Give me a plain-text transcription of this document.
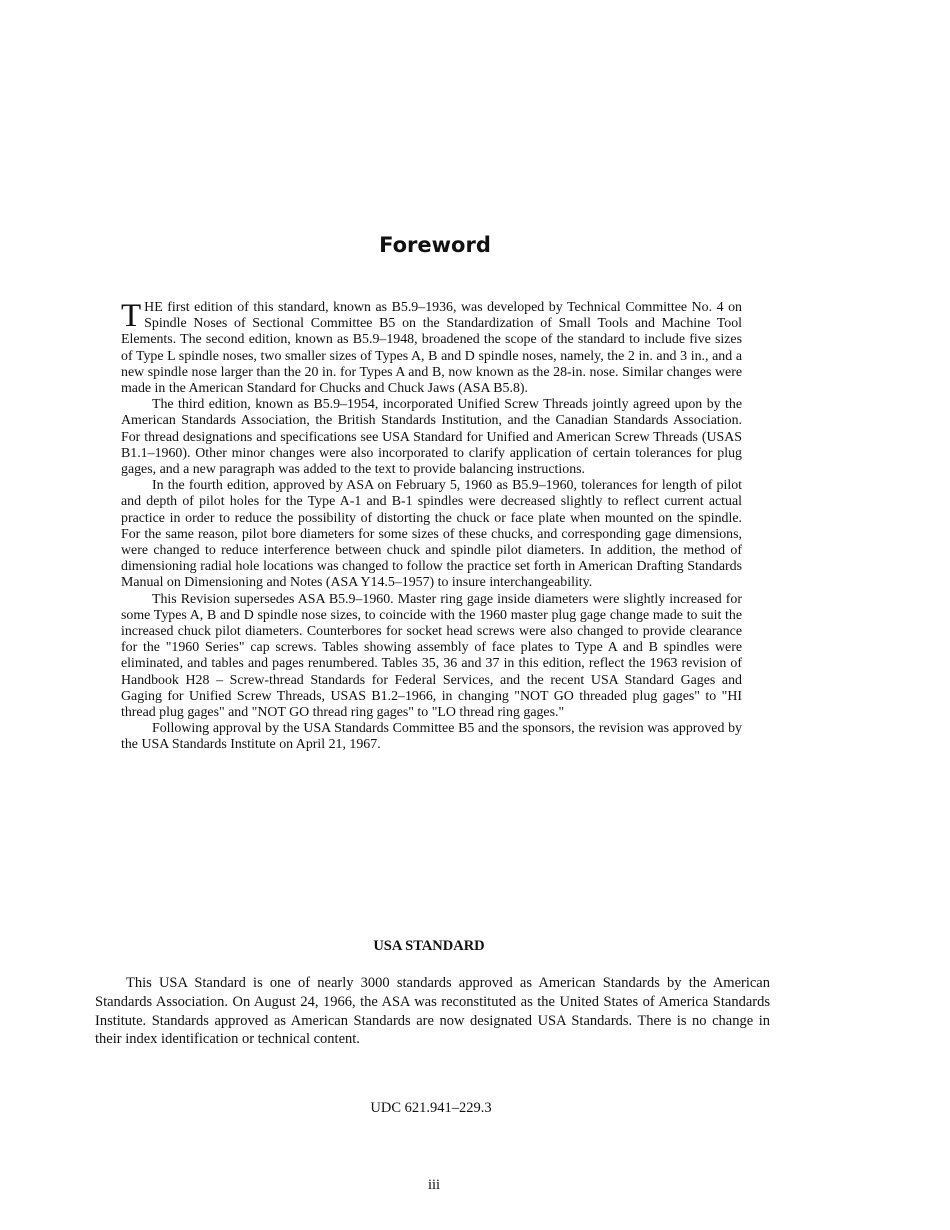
Foreword

THE first edition of this standard, known as B5.9–1936, was developed by Technical Committee No. 4 on Spindle Noses of Sectional Committee B5 on the Standardization of Small Tools and Machine Tool Elements. The second edition, known as B5.9–1948, broadened the scope of the standard to include five sizes of Type L spindle noses, two smaller sizes of Types A, B and D spindle noses, namely, the 2 in. and 3 in., and a new spindle nose larger than the 20 in. for Types A and B, now known as the 28-in. nose. Similar changes were made in the American Standard for Chucks and Chuck Jaws (ASA B5.8).

The third edition, known as B5.9–1954, incorporated Unified Screw Threads jointly agreed upon by the American Standards Association, the British Standards Institution, and the Canadian Standards Association. For thread designations and specifications see USA Standard for Unified and American Screw Threads (USAS B1.1–1960). Other minor changes were also incorporated to clarify application of certain tolerances for plug gages, and a new paragraph was added to the text to provide balancing instructions.

In the fourth edition, approved by ASA on February 5, 1960 as B5.9–1960, tolerances for length of pilot and depth of pilot holes for the Type A-1 and B-1 spindles were decreased slightly to reflect current actual practice in order to reduce the possibility of distorting the chuck or face plate when mounted on the spindle. For the same reason, pilot bore diameters for some sizes of these chucks, and corresponding gage dimensions, were changed to reduce interference between chuck and spindle pilot diameters. In addition, the method of dimensioning radial hole locations was changed to follow the practice set forth in American Drafting Standards Manual on Dimensioning and Notes (ASA Y14.5–1957) to insure interchangeability.

This Revision supersedes ASA B5.9–1960. Master ring gage inside diameters were slightly increased for some Types A, B and D spindle nose sizes, to coincide with the 1960 master plug gage change made to suit the increased chuck pilot diameters. Counterbores for socket head screws were also changed to provide clearance for the "1960 Series" cap screws. Tables showing assembly of face plates to Type A and B spindles were eliminated, and tables and pages renumbered. Tables 35, 36 and 37 in this edition, reflect the 1963 revision of Handbook H28 – Screw-thread Standards for Federal Services, and the recent USA Standard Gages and Gaging for Unified Screw Threads, USAS B1.2–1966, in changing "NOT GO threaded plug gages" to "HI thread plug gages" and "NOT GO thread ring gages" to "LO thread ring gages."

Following approval by the USA Standards Committee B5 and the sponsors, the revision was approved by the USA Standards Institute on April 21, 1967.

USA STANDARD

This USA Standard is one of nearly 3000 standards approved as American Standards by the American Standards Association. On August 24, 1966, the ASA was reconstituted as the United States of America Standards Institute. Standards approved as American Standards are now designated USA Standards. There is no change in their index identification or technical content.

UDC 621.941–229.3

iii
